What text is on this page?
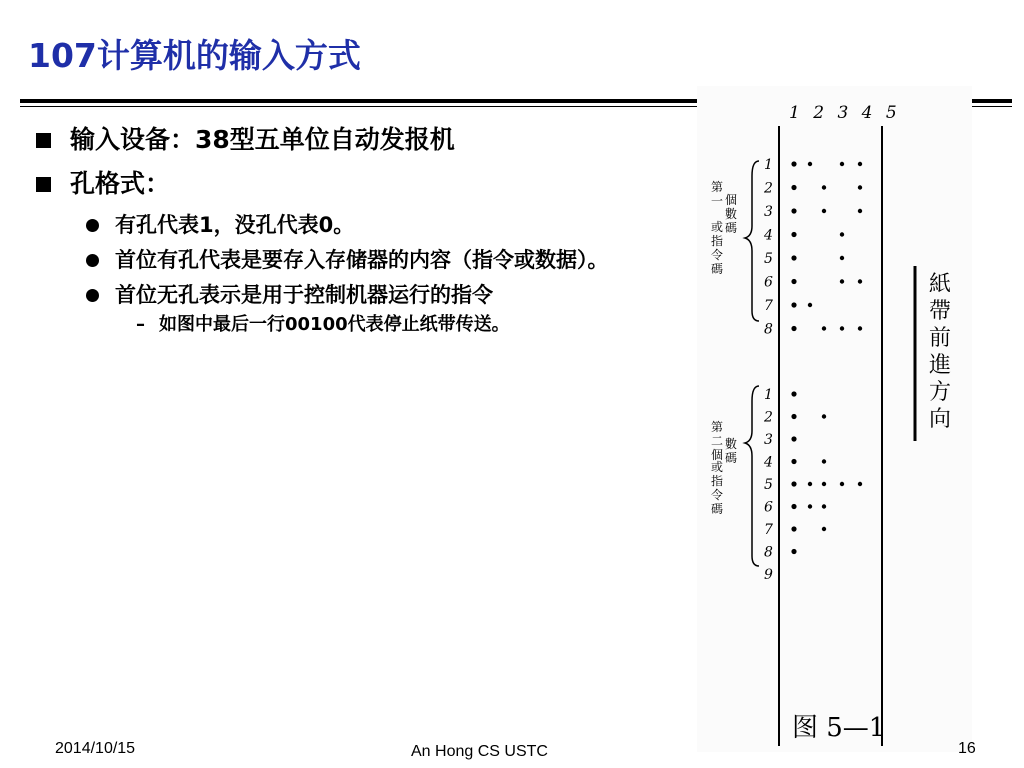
107计算机的输入方式
输入设备：38型五单位自动发报机
孔格式：
有孔代表1，没孔代表0。
首位有孔代表是要存入存储器的内容（指令或数据）。
首位无孔表示是用于控制机器运行的指令
– 如图中最后一行00100代表停止纸带传送。
1 2 3 4 5
紙
帶
前
進
方
向
第
一 個
數
碼
或
指
令
碼
第
二
個
數
碼
或
指
令
碼
1
2
3
4
5
6
7
8
1
2
3
4
5
6
7
8
9
图 5—1
2014/10/15	An Hong CS USTC	16
